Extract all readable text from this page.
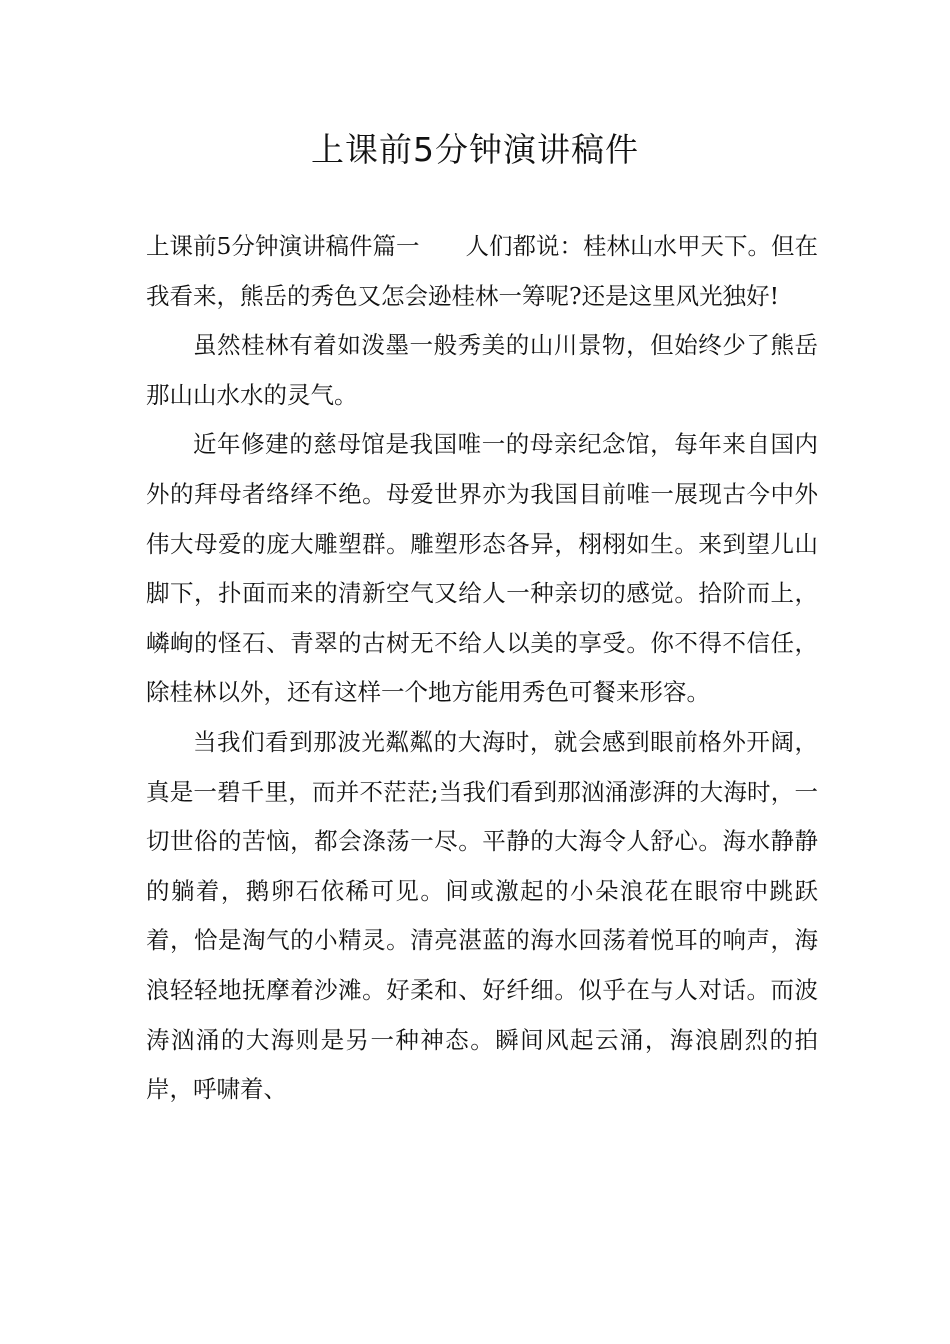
上课前5分钟演讲稿件

上课前5分钟演讲稿件篇一 人们都说：桂林山水甲天下。但在我看来，熊岳的秀色又怎会逊桂林一筹呢?还是这里风光独好!

虽然桂林有着如泼墨一般秀美的山川景物，但始终少了熊岳那山山水水的灵气。

近年修建的慈母馆是我国唯一的母亲纪念馆，每年来自国内外的拜母者络绎不绝。母爱世界亦为我国目前唯一展现古今中外伟大母爱的庞大雕塑群。雕塑形态各异，栩栩如生。来到望儿山脚下，扑面而来的清新空气又给人一种亲切的感觉。拾阶而上，嶙峋的怪石、青翠的古树无不给人以美的享受。你不得不信任，除桂林以外，还有这样一个地方能用秀色可餐来形容。

当我们看到那波光粼粼的大海时，就会感到眼前格外开阔，真是一碧千里，而并不茫茫;当我们看到那汹涌澎湃的大海时，一切世俗的苦恼，都会涤荡一尽。平静的大海令人舒心。海水静静的躺着，鹅卵石依稀可见。间或激起的小朵浪花在眼帘中跳跃着，恰是淘气的小精灵。清亮湛蓝的海水回荡着悦耳的响声，海浪轻轻地抚摩着沙滩。好柔和、好纤细。似乎在与人对话。而波涛汹涌的大海则是另一种神态。瞬间风起云涌，海浪剧烈的拍岸，呼啸着、
